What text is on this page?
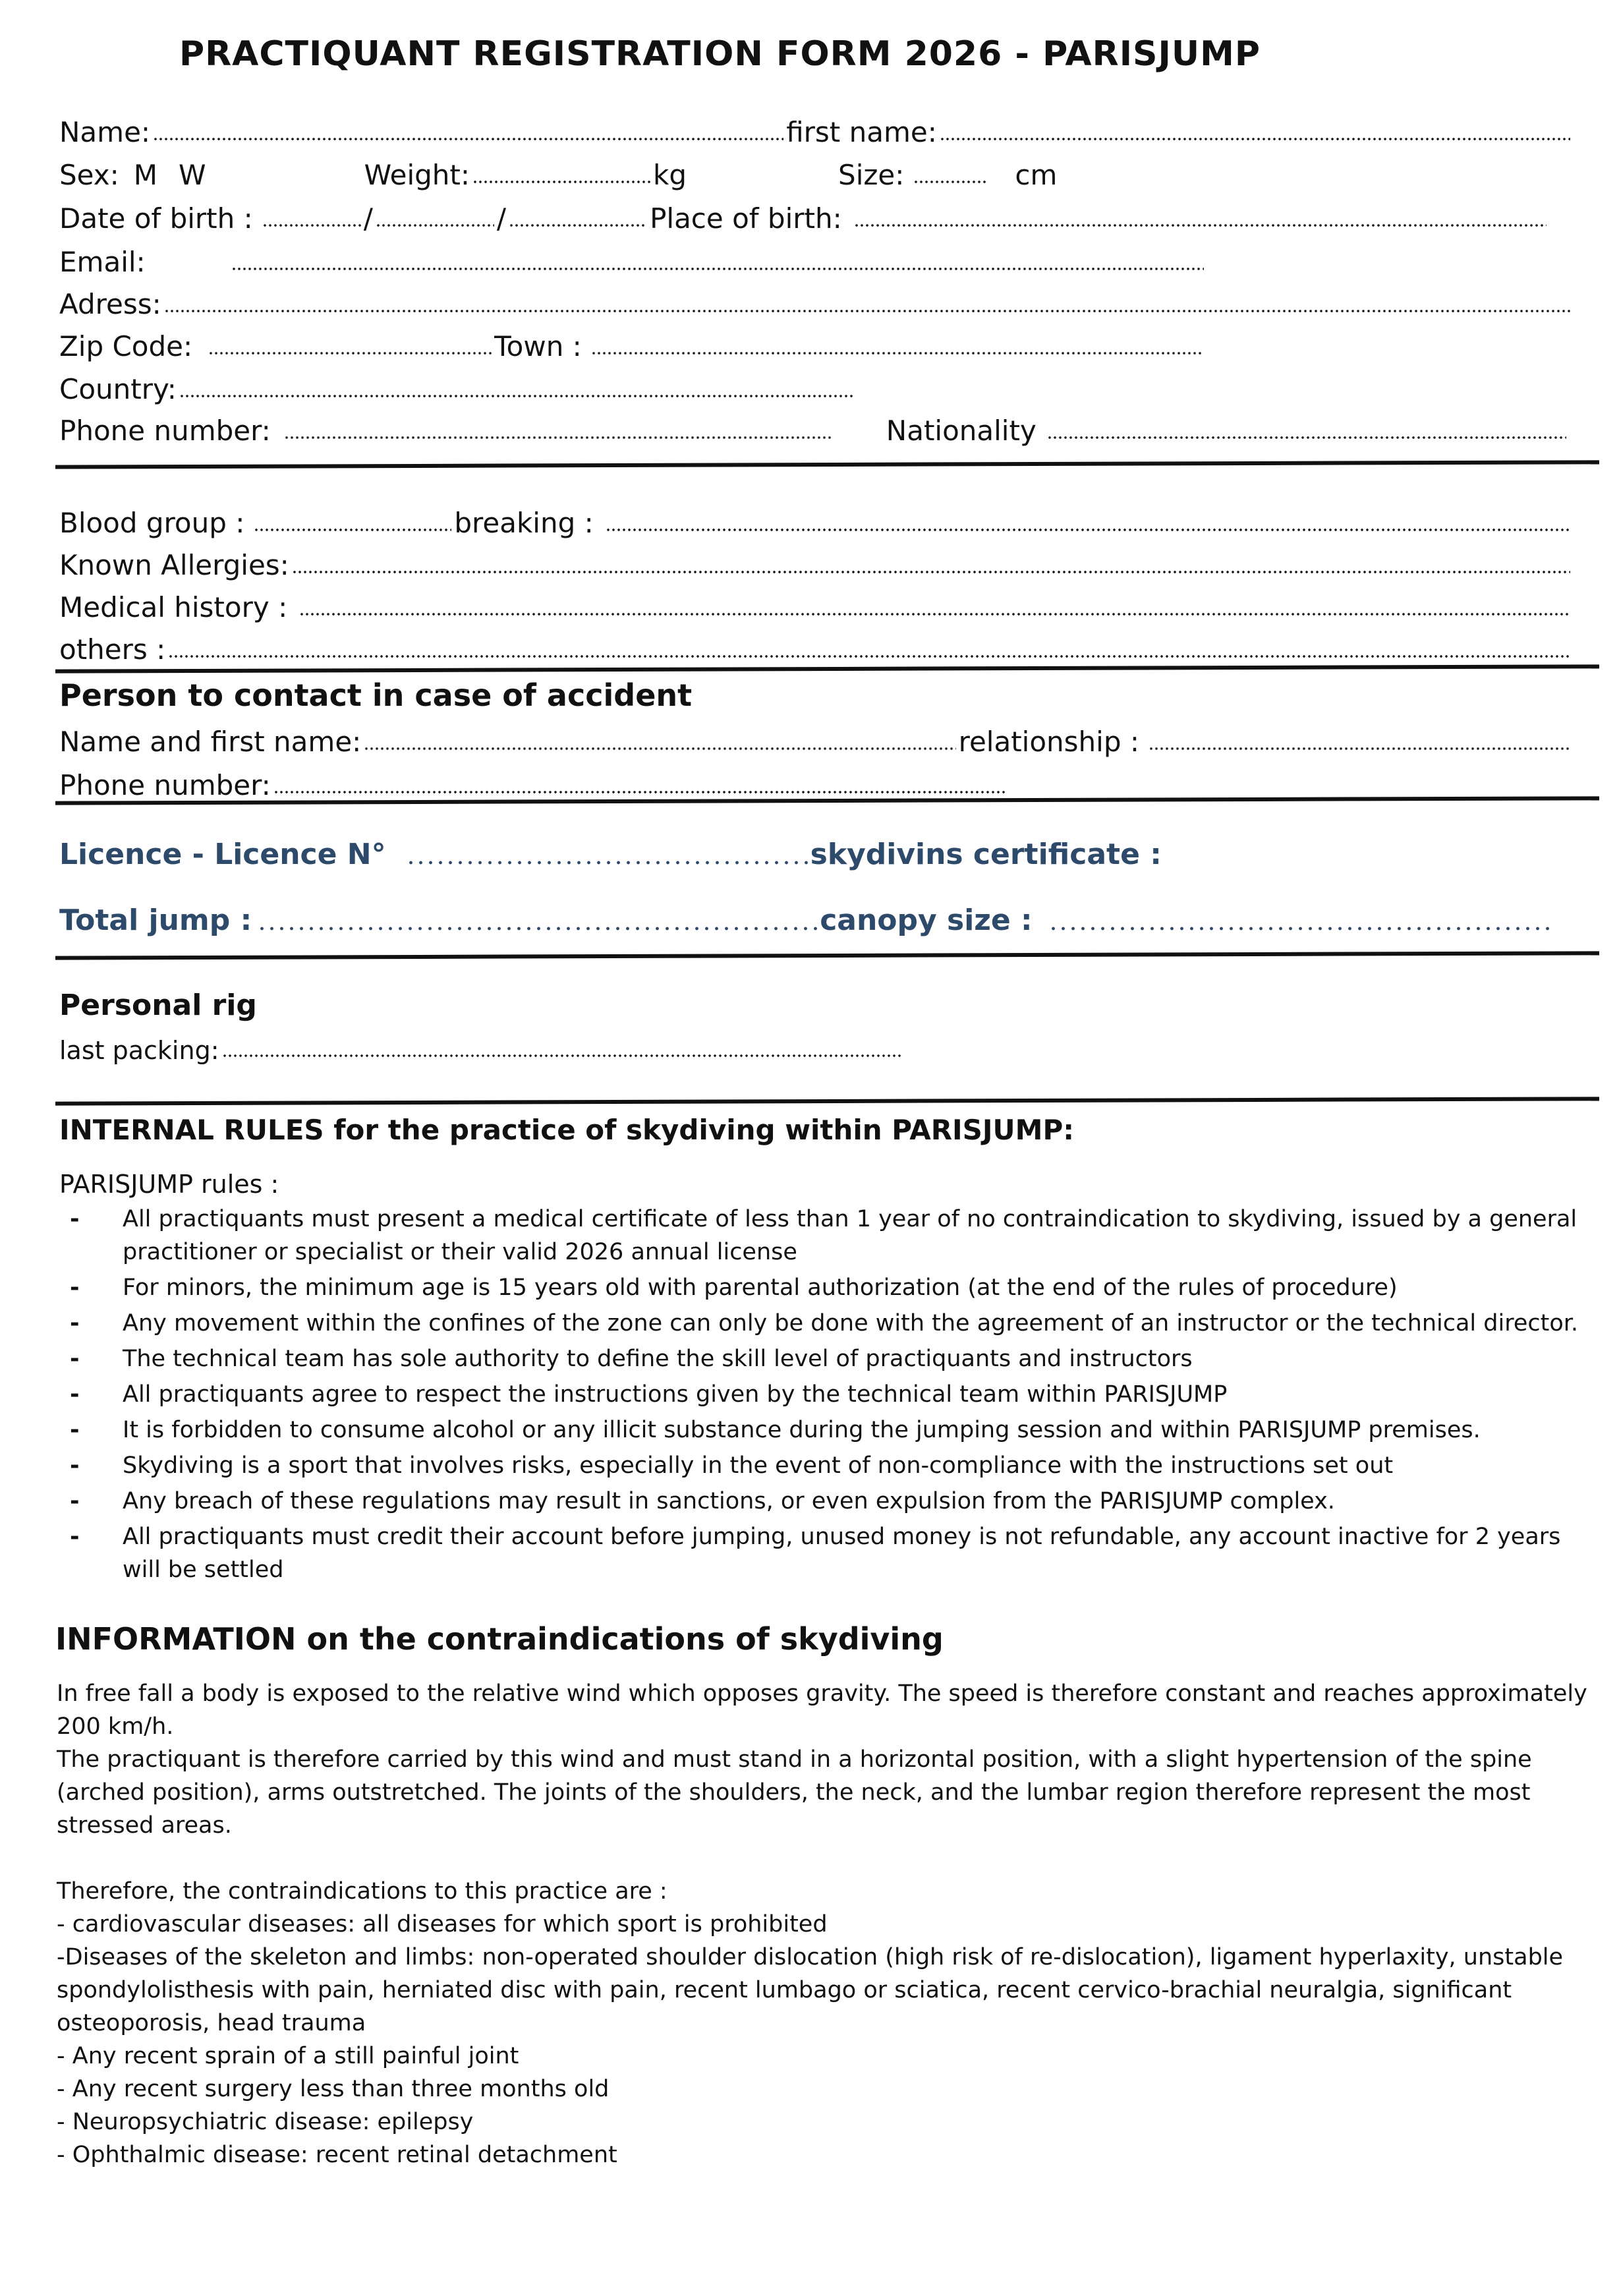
PRACTIQUANT REGISTRATION FORM 2026 - PARISJUMP
Name:	first name:
Sex: M W	Weight:	kg	Size:	cm
Date of birth :	/	/	Place of birth:
Email:
Adress:
Zip Code:	Town :
Country:
Phone number:	Nationality
Blood group :	breaking :
Known Allergies:
Medical history :
others :
Person to contact in case of accident
Name and first name:	relationship :
Phone number:
Licence - Licence N°	skydivins certificate :
Total jump :	canopy size :
Personal rig
last packing:
INTERNAL RULES for the practice of skydiving within PARISJUMP:
PARISJUMP rules :
- All practiquants must present a medical certificate of less than 1 year of no contraindication to skydiving, issued by a general practitioner or specialist or their valid 2026 annual license
- For minors, the minimum age is 15 years old with parental authorization (at the end of the rules of procedure)
- Any movement within the confines of the zone can only be done with the agreement of an instructor or the technical director.
- The technical team has sole authority to define the skill level of practiquants and instructors
- All practiquants agree to respect the instructions given by the technical team within PARISJUMP
- It is forbidden to consume alcohol or any illicit substance during the jumping session and within PARISJUMP premises.
- Skydiving is a sport that involves risks, especially in the event of non-compliance with the instructions set out
- Any breach of these regulations may result in sanctions, or even expulsion from the PARISJUMP complex.
- All practiquants must credit their account before jumping, unused money is not refundable, any account inactive for 2 years will be settled
INFORMATION on the contraindications of skydiving

In free fall a body is exposed to the relative wind which opposes gravity. The speed is therefore constant and reaches approximately 200 km/h.

The practiquant is therefore carried by this wind and must stand in a horizontal position, with a slight hypertension of the spine (arched position), arms outstretched. The joints of the shoulders, the neck, and the lumbar region therefore represent the most stressed areas.

Therefore, the contraindications to this practice are :

- cardiovascular diseases: all diseases for which sport is prohibited

-Diseases of the skeleton and limbs: non-operated shoulder dislocation (high risk of re-dislocation), ligament hyperlaxity, unstable spondylolisthesis with pain, herniated disc with pain, recent lumbago or sciatica, recent cervico-brachial neuralgia, significant osteoporosis, head trauma

- Any recent sprain of a still painful joint

- Any recent surgery less than three months old

- Neuropsychiatric disease: epilepsy

- Ophthalmic disease: recent retinal detachment
